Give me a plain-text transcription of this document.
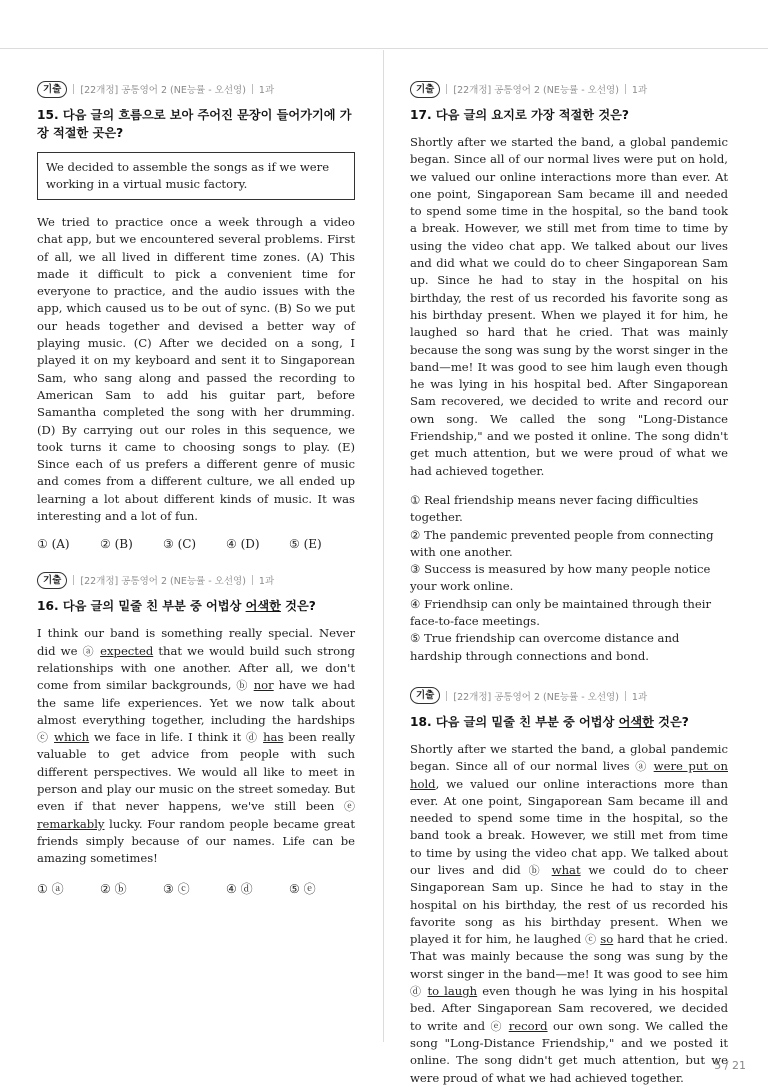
기출	[22개정] 공통영어 2 (NE능률 - 오선영) 1과
15. 다음 글의 흐름으로 보아 주어진 문장이 들어가기에 가장 적절한 곳은?
We decided to assemble the songs as if we were working in a virtual music factory.

We tried to practice once a week through a video chat app, but we encountered several problems. First of all, we all lived in different time zones. (A) This made it difficult to pick a convenient time for everyone to practice, and the audio issues with the app, which caused us to be out of sync. (B) So we put our heads together and devised a better way of playing music. (C) After we decided on a song, I played it on my keyboard and sent it to Singaporean Sam, who sang along and passed the recording to American Sam to add his guitar part, before Samantha completed the song with her drumming. (D) By carrying out our roles in this sequence, we took turns it came to choosing songs to play. (E) Since each of us prefers a different genre of music and comes from a different culture, we all ended up learning a lot about different kinds of music. It was interesting and a lot of fun.

① (A)	② (B)	③ (C)	④ (D)	⑤ (E)
기출	[22개정] 공통영어 2 (NE능률 - 오선영) 1과
16. 다음 글의 밑줄 친 부분 중 어법상 어색한 것은?

I think our band is something really special. Never did we ⓐ expected that we would build such strong relationships with one another. After all, we don't come from similar backgrounds, ⓑ nor have we had the same life experiences. Yet we now talk about almost everything together, including the hardships ⓒ which we face in life. I think it ⓓ has been really valuable to get advice from people with such different perspectives. We would all like to meet in person and play our music on the street someday. But even if that never happens, we've still been ⓔ remarkably lucky. Four random people became great friends simply because of our names. Life can be amazing sometimes!

① ⓐ	② ⓑ	③ ⓒ	④ ⓓ	⑤ ⓔ
기출	[22개정] 공통영어 2 (NE능률 - 오선영) 1과
17. 다음 글의 요지로 가장 적절한 것은?

Shortly after we started the band, a global pandemic began. Since all of our normal lives were put on hold, we valued our online interactions more than ever. At one point, Singaporean Sam became ill and needed to spend some time in the hospital, so the band took a break. However, we still met from time to time by using the video chat app. We talked about our lives and did what we could do to cheer Singaporean Sam up. Since he had to stay in the hospital on his birthday, the rest of us recorded his favorite song as his birthday present. When we played it for him, he laughed so hard that he cried. That was mainly because the song was sung by the worst singer in the band—me! It was good to see him laugh even though he was lying in his hospital bed. After Singaporean Sam recovered, we decided to write and record our own song. We called the song "Long-Distance Friendship," and we posted it online. The song didn't get much attention, but we were proud of what we had achieved together.

① Real friendship means never facing difficulties together.
② The pandemic prevented people from connecting with one another.
③ Success is measured by how many people notice your work online.
④ Friendhsip can only be maintained through their face-to-face meetings.
⑤ True friendship can overcome distance and hardship through connections and bond.
기출	[22개정] 공통영어 2 (NE능률 - 오선영) 1과
18. 다음 글의 밑줄 친 부분 중 어법상 어색한 것은?

Shortly after we started the band, a global pandemic began. Since all of our normal lives ⓐ were put on hold, we valued our online interactions more than ever. At one point, Singaporean Sam became ill and needed to spend some time in the hospital, so the band took a break. However, we still met from time to time by using the video chat app. We talked about our lives and did ⓑ what we could do to cheer Singaporean Sam up. Since he had to stay in the hospital on his birthday, the rest of us recorded his favorite song as his birthday present. When we played it for him, he laughed ⓒ so hard that he cried. That was mainly because the song was sung by the worst singer in the band—me! It was good to see him ⓓ to laugh even though he was lying in his hospital bed. After Singaporean Sam recovered, we decided to write and ⓔ record our own song. We called the song "Long-Distance Friendship," and we posted it online. The song didn't get much attention, but we were proud of what we had achieved together.

5 / 21
